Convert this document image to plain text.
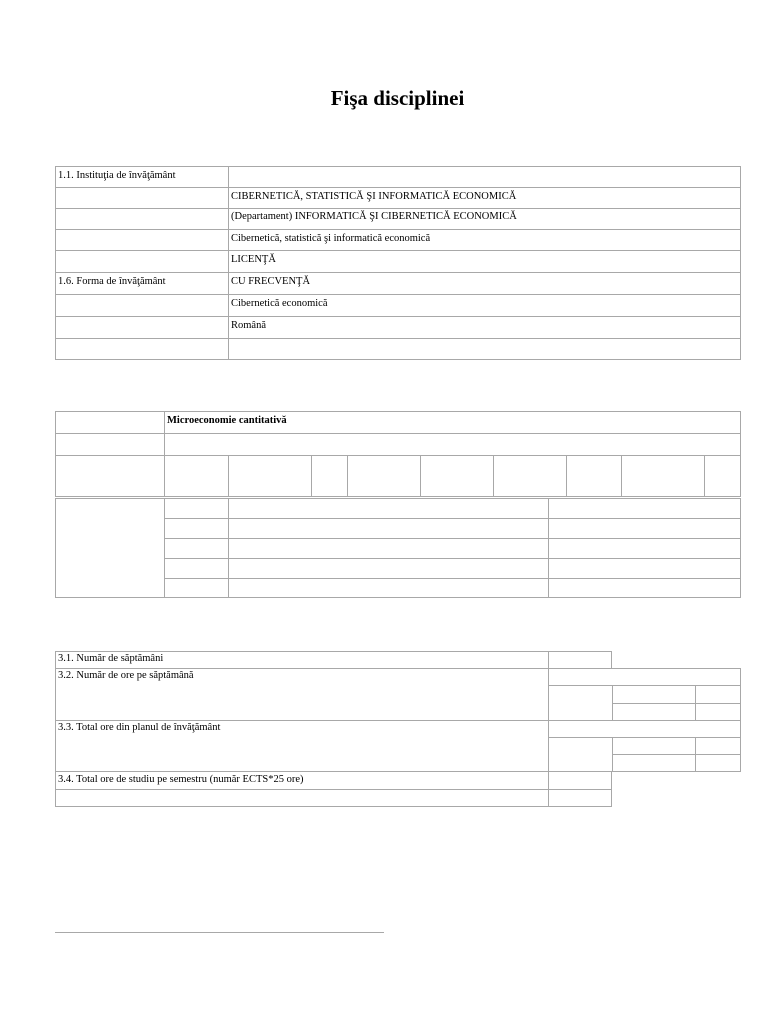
Fişa disciplinei
1.1. Instituţia de învăţământ
CIBERNETICĂ, STATISTICĂ ŞI INFORMATICĂ ECONOMICĂ
(Departament) INFORMATICĂ ŞI CIBERNETICĂ ECONOMICĂ
Cibernetică, statistică şi informatică economică
LICENŢĂ
1.6. Forma de învăţământ	CU FRECVENŢĂ
Cibernetică economică
Română
Microeconomie cantitativă
3.1. Număr de săptămâni
3.2. Număr de ore pe săptămână
3.3. Total ore din planul de învăţământ
3.4. Total ore de studiu pe semestru (număr ECTS*25 ore)
